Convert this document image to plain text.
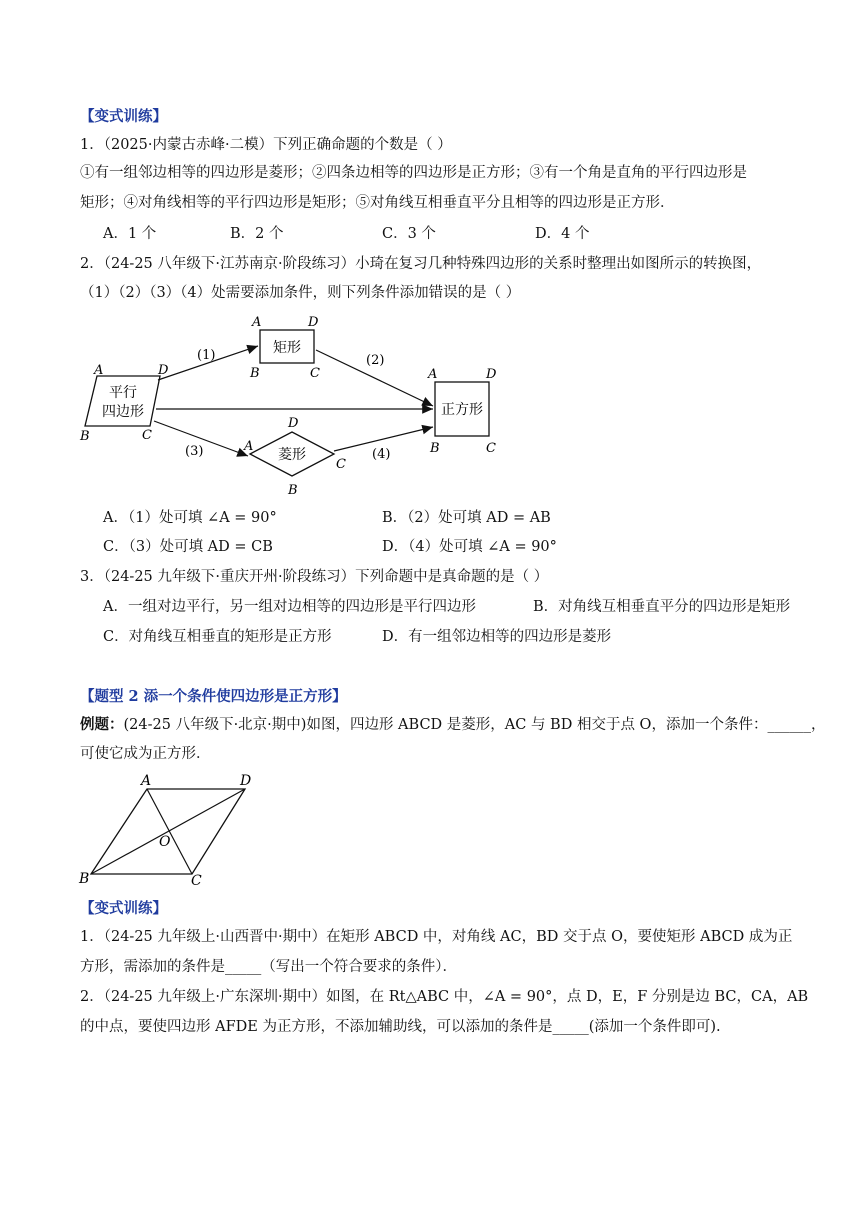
【变式训练】
1．（2025·内蒙古赤峰·二模）下列正确命题的个数是（ ）
①有一组邻边相等的四边形是菱形；②四条边相等的四边形是正方形；③有一个角是直角的平行四边形是
矩形；④对角线相等的平行四边形是矩形；⑤对角线互相垂直平分且相等的四边形是正方形．
A．1 个	B．2 个	C．3 个	D．4 个
2．（24-25 八年级下·江苏南京·阶段练习）小琦在复习几种特殊四边形的关系时整理出如图所示的转换图，
（1）（2）（3）（4）处需要添加条件，则下列条件添加错误的是（ ）
平行
四边形
A	D
B	C
矩形
A	D
B	C
正方形
A	D
B	C
菱形
A
D
C
B
(1)	(2)
(3)	(4)
A．（1）处可填 ∠A = 90°	B．（2）处可填 AD = AB
C．（3）处可填 AD = CB	D．（4）处可填 ∠A = 90°
3．（24-25 九年级下·重庆开州·阶段练习）下列命题中是真命题的是（ ）
A．一组对边平行，另一组对边相等的四边形是平行四边形	B．对角线互相垂直平分的四边形是矩形
C．对角线互相垂直的矩形是正方形	D．有一组邻边相等的四边形是菱形
【题型 2 添一个条件使四边形是正方形】
例题：(24-25 八年级下·北京·期中)如图，四边形 ABCD 是菱形，AC 与 BD 相交于点 O，添加一个条件：______，
可使它成为正方形．
A	D
B	C
O
【变式训练】
1．（24-25 九年级上·山西晋中·期中）在矩形 ABCD 中，对角线 AC，BD 交于点 O，要使矩形 ABCD 成为正
方形，需添加的条件是_____（写出一个符合要求的条件）．
2．（24-25 九年级上·广东深圳·期中）如图，在 Rt△ABC 中，∠A = 90°，点 D，E，F 分别是边 BC，CA，AB
的中点，要使四边形 AFDE 为正方形，不添加辅助线，可以添加的条件是_____(添加一个条件即可).
